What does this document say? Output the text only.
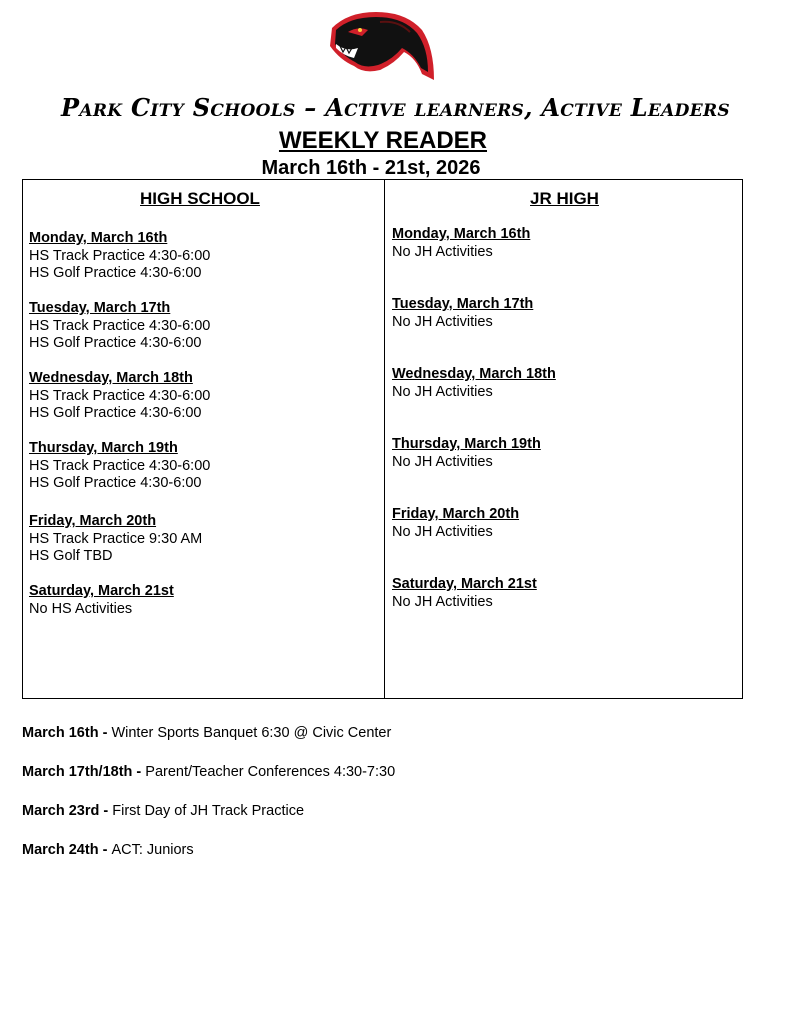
Park City Schools – Active learners, Active Leaders
WEEKLY READER
March 16th - 21st, 2026
HIGH SCHOOL	JR HIGH
Monday, March 16th
HS Track Practice 4:30-6:00
HS Golf Practice 4:30-6:00
Tuesday, March 17th
HS Track Practice 4:30-6:00
HS Golf Practice 4:30-6:00
Wednesday, March 18th
HS Track Practice 4:30-6:00
HS Golf Practice 4:30-6:00
Thursday, March 19th
HS Track Practice 4:30-6:00
HS Golf Practice 4:30-6:00
Friday, March 20th
HS Track Practice 9:30 AM
HS Golf TBD
Saturday, March 21st
No HS Activities
Monday, March 16th
No JH Activities
Tuesday, March 17th
No JH Activities
Wednesday, March 18th
No JH Activities
Thursday, March 19th
No JH Activities
Friday, March 20th
No JH Activities
Saturday, March 21st
No JH Activities
March 16th - Winter Sports Banquet 6:30 @ Civic Center
March 17th/18th - Parent/Teacher Conferences 4:30-7:30
March 23rd - First Day of JH Track Practice
March 24th - ACT: Juniors
